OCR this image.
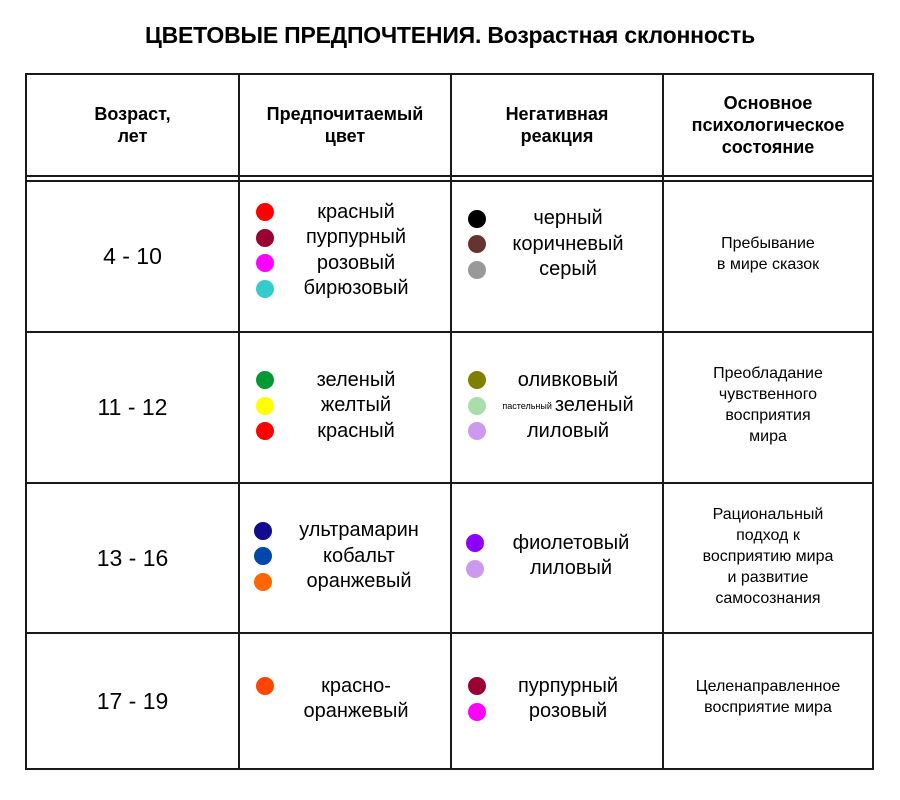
ЦВЕТОВЫЕ ПРЕДПОЧТЕНИЯ. Возрастная склонность
Возраст,
лет
Предпочитаемый
цвет
Негативная
реакция
Основное
психологическое
состояние
4 - 10
красный
пурпурный
розовый
бирюзовый
черный
коричневый
серый
Пребывание
в мире сказок
11 - 12
зеленый
желтый
красный
оливковый
пастельный зеленый
лиловый
Преобладание
чувственного
восприятия
мира
13 - 16
ультрамарин
кобальт
оранжевый
фиолетовый
лиловый
Рациональный
подход к
восприятию мира
и развитие
самосознания
17 - 19
красно-
оранжевый
пурпурный
розовый
Целенаправленное
восприятие мира
